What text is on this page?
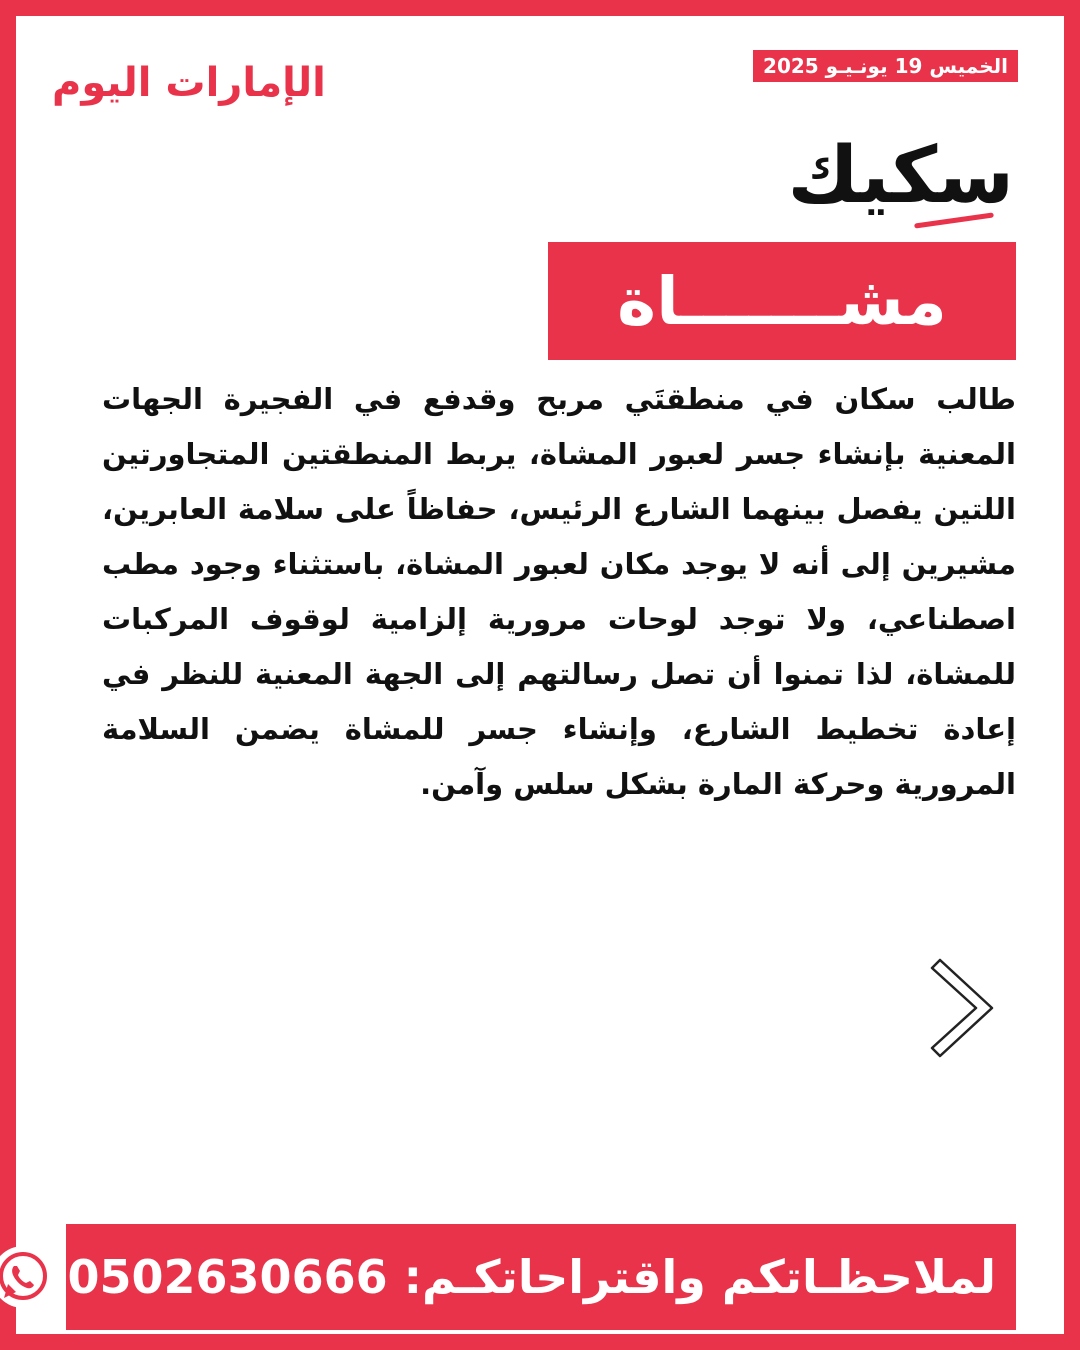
الإمارات اليوم	الخميس 19 يونـيـو 2025
سكيك
مشـــــــاة

طالب سكان في منطقتَي مربح وقدفع في الفجيرة الجهات المعنية بإنشاء جسر لعبور المشاة، يربط المنطقتين المتجاورتين اللتين يفصل بينهما الشارع الرئيس، حفاظاً على سلامة العابرين، مشيرين إلى أنه لا يوجد مكان لعبور المشاة، باستثناء وجود مطب اصطناعي، ولا توجد لوحات مرورية إلزامية لوقوف المركبات للمشاة، لذا تمنوا أن تصل رسالتهم إلى الجهة المعنية للنظر في إعادة تخطيط الشارع، وإنشاء جسر للمشاة يضمن السلامة المرورية وحركة المارة بشكل سلس وآمن.

لملاحظـاتكم واقتراحاتكـم: 0502630666
